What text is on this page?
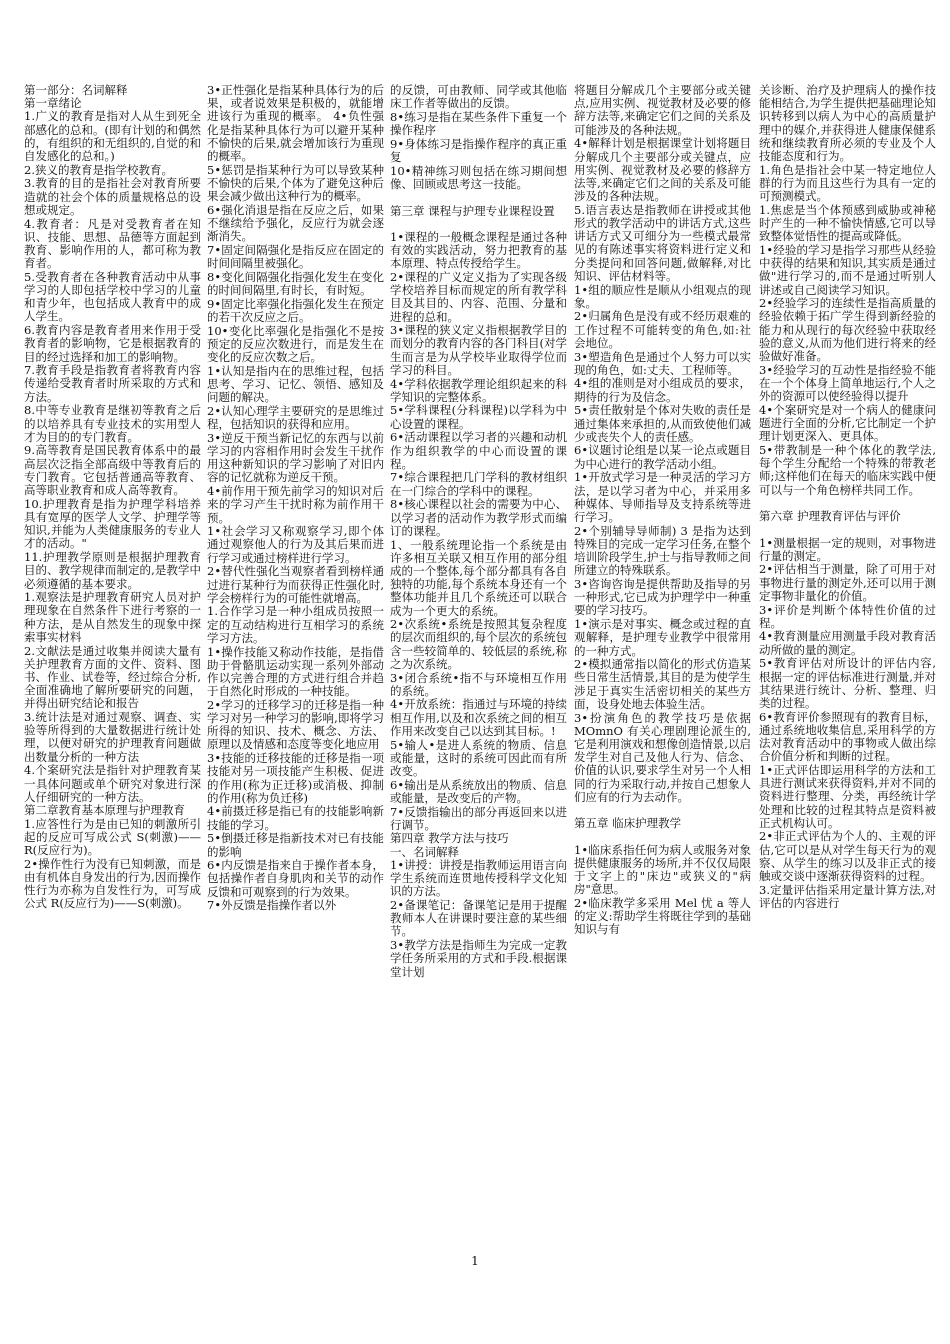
第一部分：名词解释
第一章绪论

1.广义的教育是指对人从生到死全部感化的总和。(即有计划的和偶然的，有组织的和无组织的,自觉的和自发感化的总和。)

2.狭义的教育是指学校教育。

3.教育的目的是指社会对教育所要造就的社会个体的质量规格总的设想或规定。

4.教育者：凡是对受教育者在知识、技能、思想、品德等方面起到教育、影响作用的人，都可称为教育者。

5.受教育者在各种教育活动中从事学习的人即包括学校中学习的儿童和青少年，也包括成人教育中的成人学生。

6.教育内容是教育者用来作用于受教育者的影响物，它是根据教育的目的经过选择和加工的影响物。

7.教育手段是指教育者将教育内容传递给受教育者时所采取的方式和方法。

8.中等专业教育是继初等教育之后的以培养具有专业技术的实用型人才为目的的专门教育。

9.高等教育是国民教育体系中的最高层次泛指全部高级中等教育后的专门教育。它包括普通高等教育、高等职业教育和成人高等教育。

10.护理教育是指为护理学科培养具有宽厚的医学人文学、护理学等知识,并能为人类健康服务的专业人才的活动。"

11.护理教学原则是根据护理教育目的、教学规律而制定的,是教学中必须遵循的基本要求。

1.观察法是护理教育研究人员对护理现象在自然条件下进行考察的一种方法，是从自然发生的现象中探索事实材料

2.文献法是通过收集并阅读大量有关护理教育方面的文件、资料、图书、作业、试卷等，经过综合分析,全面准确地了解所要研究的问题，并得出研究结论和报告

3.统计法是对通过观察、调查、实验等所得到的大量数据进行统计处理，以便对研究的护理教育问题做出数量分析的一种方法

4.个案研究法是指针对护理教育某一具体问题或单个研究对象进行深人仔细研究的一种方法。

第二章教育基本原理与护理教育

1.应答性行为是由已知的刺激所引起的反应可写成公式 S(刺激)——R(反应行为)。

2•操作性行为没有已知刺激，而是由有机体自身发出的行为,因而操作性行为亦称为自发性行为，可写成公式 R(反应行为)——S(刺激)。

3•正性强化是指某种具体行为的后果，或者说效果是积极的，就能增进该行为重现的概率。 4•负性强化是指某种具体行为可以避开某种不愉快的后果,就会增加该行为重现的概率。

5•惩罚是指某种行为可以导致某种不愉快的后果,个体为了避免这种后果会减少做出这种行为的概率。

6•强化消退是指在反应之后，如果不继续给予强化，反应行为就会逐渐消失。

7•固定间隔强化是指反应在固定的时间间隔里被强化。

8•变化间隔强化指强化发生在变化的时间间隔里,有时长，有时短。

9•固定比率强化指强化发生在预定的若干次反应之后。

10•变化比率强化是指强化不是按预定的反应次数进行，而是发生在变化的反应次数之后。

1•认知是指内在的思维过程，包括思考、学习、记忆、领悟、感知及问题的解决。

2•认知心理学主要研究的是思维过程，包括知识的获得和应用。

3•逆反干预当新记忆的东西与以前学习的内容相作用时会发生干扰作用这种新知识的学习影响了对旧内容的记忆就称为逆反干预。

4•前作用干预先前学习的知识对后来的学习产生干扰时称为前作用干预。

1•社会学习又称观察学习,即个体通过观察他人的行为及其后果而进行学习或通过榜样进行学习。

2•替代性强化当观察者看到榜样通过进行某种行为而获得正性强化时,学会榜样行为的可能性就增高。

1.合作学习是一种小组成员按照一定的互动结构进行互相学习的系统学习方法。

1•操作技能又称动作技能，是指借助于骨骼肌运动实现一系列外部动作以完善合理的方式进行组合并趋于自然化时形成的一种技能。

2•学习的迁移学习的迁移是指一种学习对另一种学习的影响,即将学习所得的知识、技术、概念、方法、原理以及情感和态度等变化地应用

3•技能的迁移技能的迁移是指一项技能对另一项技能产生积极、促进的作用(称为正迁移)或消极、抑制的作用(称为负迁移)

4•前摄迁移是指已有的技能影响新技能的学习。

5•倒摄迁移是指新技术对已有技能的影响

6•内反馈是指来自于操作者本身，包括操作者自身肌肉和关节的动作反馈和可观察到的行为效果。

7•外反馈是指操作者以外

的反馈，可由教师、同学或其他临床工作者等做出的反馈。

8•练习是指在某些条件下重复一个操作程序

9•身体练习是指操作程序的真正重复

10•精神练习则包括在练习期间想像、回顾或思考这一技能。

第三章 课程与护理专业课程设置

1•课程的一般概念课程是通过各种有效的实践活动，努力把教育的基本原理、特点传授给学生。

2•课程的广义定义指为了实现各级学校培养目标而规定的所有教学科目及其目的、内容、范围、分量和进程的总和。

3•课程的狭义定义指根据教学目的而划分的教育内容的各门科目(对学生而言是为从学校毕业取得学位而学习的科目。

4•学科依据教学理论组织起来的科学知识的完整体系。

5•学科课程(分科课程)以学科为中心设置的课程。

6•活动课程以学习者的兴趣和动机作为组织教学的中心而设置的课程。

7•综合课程把几门学科的教材组织在一门综合的学科中的课程。

8•核心课程以社会的需要为中心、以学习者的活动作为教学形式而编订的课程。

1、一般系统理论指一个系统是由许多相互关联又相互作用的部分组成的一个整体,每个部分都具有各自独特的功能,每个系统本身还有一个整体功能并且几个系统还可以联合成为一个更大的系统。

2•次系统•系统是按照其复杂程度的层次而组织的,每个层次的系统包含一些较简单的、较低层的系统,称之为次系统。

3•闭合系统•指不与环境相互作用的系统。

4•开放系统：指通过与环境的持续相互作用,以及和次系统之间的相互作用来改变自己以达到其目标。!

5•输人•是进人系统的物质、信息或能量，这时的系统可因此而有所改变。

6•输出是从系统放出的物质、信息或能量，是改变后的产物。

7•反馈指输出的部分再返回来以进行调节。

第四章 教学方法与技巧
一、名词解释

1•讲授：讲授是指教师运用语言向学生系统而连贯地传授科学文化知识的方法。

2•备课笔记：备课笔记是用于提醒教师本人在讲课时要注意的某些细节。

3•教学方法是指师生为完成一定教学任务所采用的方式和手段.根据课堂计划

将题目分解成几个主要部分或关键点,应用实例、视觉教材及必要的修辞方法等,来确定它们之间的关系及可能涉及的各种法规。

4•解释计划是根据课堂计划将题目分解成几个主要部分或关键点，应用实例、视觉教材及必要的修辞方法等,来确定它们之间的关系及可能涉及的各种法规。

5.语言表达是指教师在讲授或其他形式的教学活动中的讲话方式,这些讲话方式又可细分为一些模式最常见的有陈述事实将资料进行定义和分类提问和回答问题,做解释,对比知识、评估材料等。

1•组的顺应性是顺从小组观点的现象。

2•归属角色是没有或不经历艰难的工作过程不可能转变的角色,如:社会地位。

3•塑造角色是通过个人努力可以实现的角色，如:丈夫、工程师等。

4•组的准则是对小组成员的要求，期待的行为及信念。

5•责任散射是个体对失败的责任是通过集体来承担的,从而致使他们减少或丧失个人的责任感。

6•议题讨论组是以某一论点或题目为中心进行的教学活动小组。

1•开放式学习是一种灵活的学习方法，是以学习者为中心，并采用多种媒体、导师指导及支持系统等进行学习。

2•个别辅导导师制) 3 是指为达到特殊目的完成一定学习任务,在整个培训阶段学生,护士与指导教师之间所建立的特殊联系。

3•咨询咨询是提供帮助及指导的另一种形式,它已成为护理学中一种重要的学习技巧。

1•演示是对事实、概念或过程的直观解释，是护理专业教学中很常用的一种方式。

2•模拟通常指以简化的形式仿造某些日常生活情景,其目的是为使学生涉足于真实生活密切相关的某些方面，设身处地去体验生活。

3•扮演角色的教学技巧是依据 MOmnO 有关心理剧理论派生的,它是利用演戏和想像创造情景,以启发学生对自己及他人行为、信念、价值的认识,要求学生对另一个人相同的行为采取行动,并按自己想象人们应有的行为去动作。

第五章 临床护理教学

1•临床系指任何为病人或服务对象提供健康服务的场所,并不仅仅局限于文字上的"床边"或狭义的"病房"意思。

2•临床教学多采用 Mel 忧 a 等人的定义:帮助学生将既往学到的基础知识与有

关诊断、治疗及护理病人的操作技能相结合,为学生提供把基础理论知识转移到以病人为中心的高质量护理中的媒介,并获得进人健康保健系统和继续教育所必须的专业及个人技能态度和行为。

1.角色是指社会中某一特定地位人群的行为而且这些行为具有一定的可预测模式。

1.焦虑是当个体预感到威胁或神秘时产生的一种不愉快情感,它可以导致整体觉悟性的提高或降低。

1•经验的学习是指学习那些从经验中获得的结果和知识,其实质是通过做"进行学习的,而不是通过听别人讲述或自己阅读学习知识。

2•经验学习的连续性是指高质量的经验依赖于拓广学生得到新经验的能力和从现行的每次经验中获取经验的意义,从而为他们进行将来的经验做好准备。

3•经验学习的互动性是指经验不能在一个个体身上简单地运行,个人之外的资源可以使经验得以提升

4•个案研究是对一个病人的健康问题进行全面的分析,它比制定一个护理计划更深入、更具体。

5•带教制是一种个体化的教学法,每个学生分配给一个特殊的带教老师;这样他们在每天的临床实践中便可以与一个角色榜样共同工作。

第六章 护理教育评估与评价

1•测量根据一定的规则，对事物进行量的测定。

2•评估相当于测量，除了可用于对事物进行量的测定外,还可以用于测定事物非量化的价值。

3•评价是判断个体特性价值的过程。

4•教育测量应用测量手段对教育活动所做的量的测定。

5•教育评估对所设计的评估内容,根据一定的评估标准进行测量,并对其结果进行统计、分析、整理、归类的过程。

6•教育评价参照现有的教育目标，通过系统地收集信息,采用科学的方法对教育活动中的事物或人做出综合价值分析和判断的过程。

1•正式评估即运用科学的方法和工具进行测试来获得资料,并对不同的资料进行整理、分类，再经统计学处理和比较的过程其特点是资料被正式机构认可。

2•非正式评估为个人的、主观的评估,它可以是从对学生每天行为的观察、从学生的练习以及非正式的接触或交谈中逐渐获得资料的过程。

3.定量评估指采用定量计算方法,对评估的内容进行

1
